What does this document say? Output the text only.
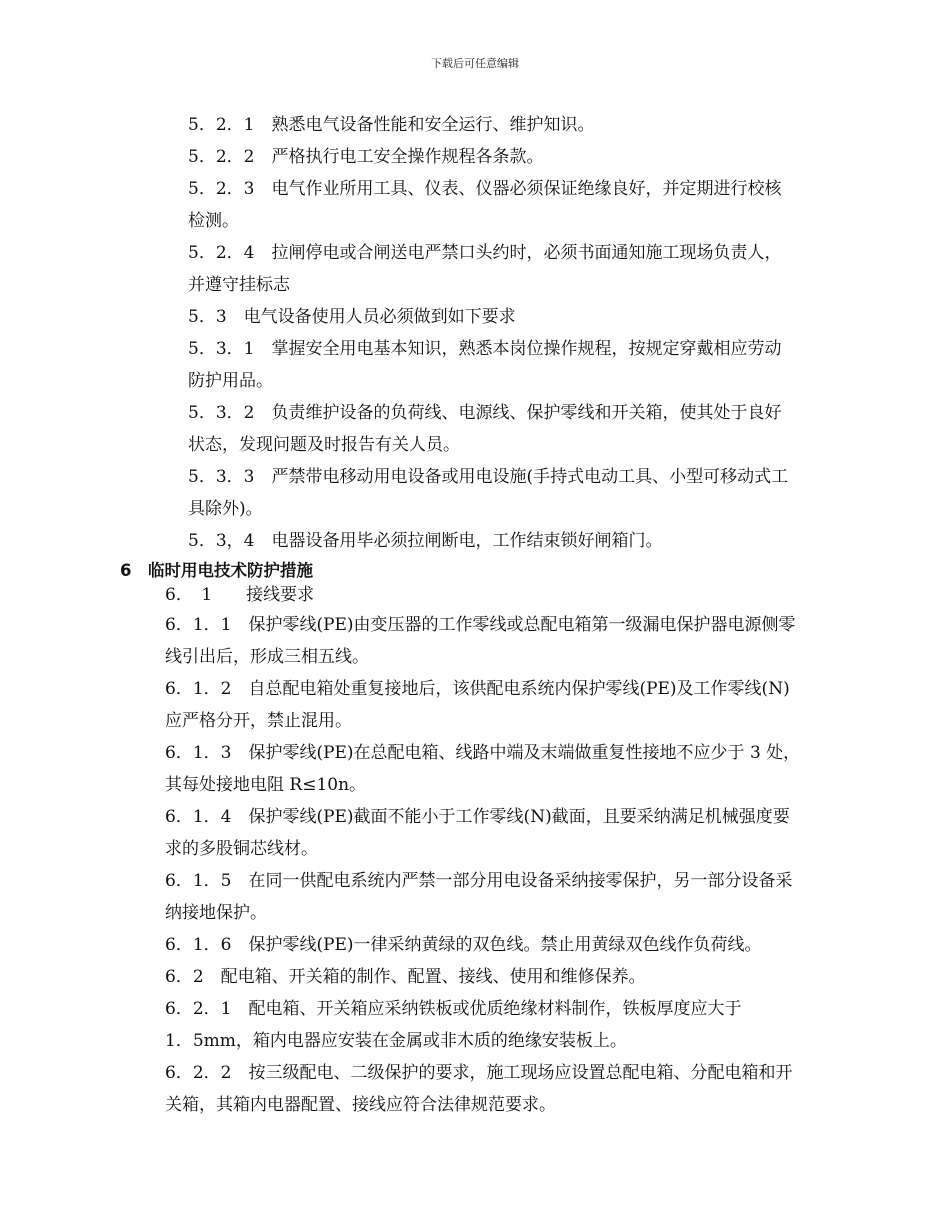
下载后可任意编辑
5．2．1　熟悉电气设备性能和安全运行、维护知识。
5．2．2　严格执行电工安全操作规程各条款。
5．2．3　电气作业所用工具、仪表、仪器必须保证绝缘良好，并定期进行校核
检测。
5．2．4　拉闸停电或合闸送电严禁口头约时，必须书面通知施工现场负责人，
并遵守挂标志
5．3　电气设备使用人员必须做到如下要求
5．3．1　掌握安全用电基本知识，熟悉本岗位操作规程，按规定穿戴相应劳动
防护用品。
5．3．2　负责维护设备的负荷线、电源线、保护零线和开关箱，使其处于良好
状态，发现问题及时报告有关人员。
5．3．3　严禁带电移动用电设备或用电设施(手持式电动工具、小型可移动式工
具除外)。
5．3，4　电器设备用毕必须拉闸断电，工作结束锁好闸箱门。
6　临时用电技术防护措施
6．　1　　接线要求
6．1．1　保护零线(PE)由变压器的工作零线或总配电箱第一级漏电保护器电源侧零
线引出后，形成三相五线。
6．1．2　自总配电箱处重复接地后，该供配电系统内保护零线(PE)及工作零线(N)
应严格分开，禁止混用。
6．1．3　保护零线(PE)在总配电箱、线路中端及末端做重复性接地不应少于 3 处，
其每处接地电阻 R≤10n。
6．1．4　保护零线(PE)截面不能小于工作零线(N)截面，且要采纳满足机械强度要
求的多股铜芯线材。
6．1．5　在同一供配电系统内严禁一部分用电设备采纳接零保护，另一部分设备采
纳接地保护。
6．1．6　保护零线(PE)一律采纳黄绿的双色线。禁止用黄绿双色线作负荷线。
6．2　配电箱、开关箱的制作、配置、接线、使用和维修保养。
6．2．1　配电箱、开关箱应采纳铁板或优质绝缘材料制作，铁板厚度应大于
1．5mm，箱内电器应安装在金属或非木质的绝缘安装板上。
6．2．2　按三级配电、二级保护的要求，施工现场应设置总配电箱、分配电箱和开
关箱，其箱内电器配置、接线应符合法律规范要求。
